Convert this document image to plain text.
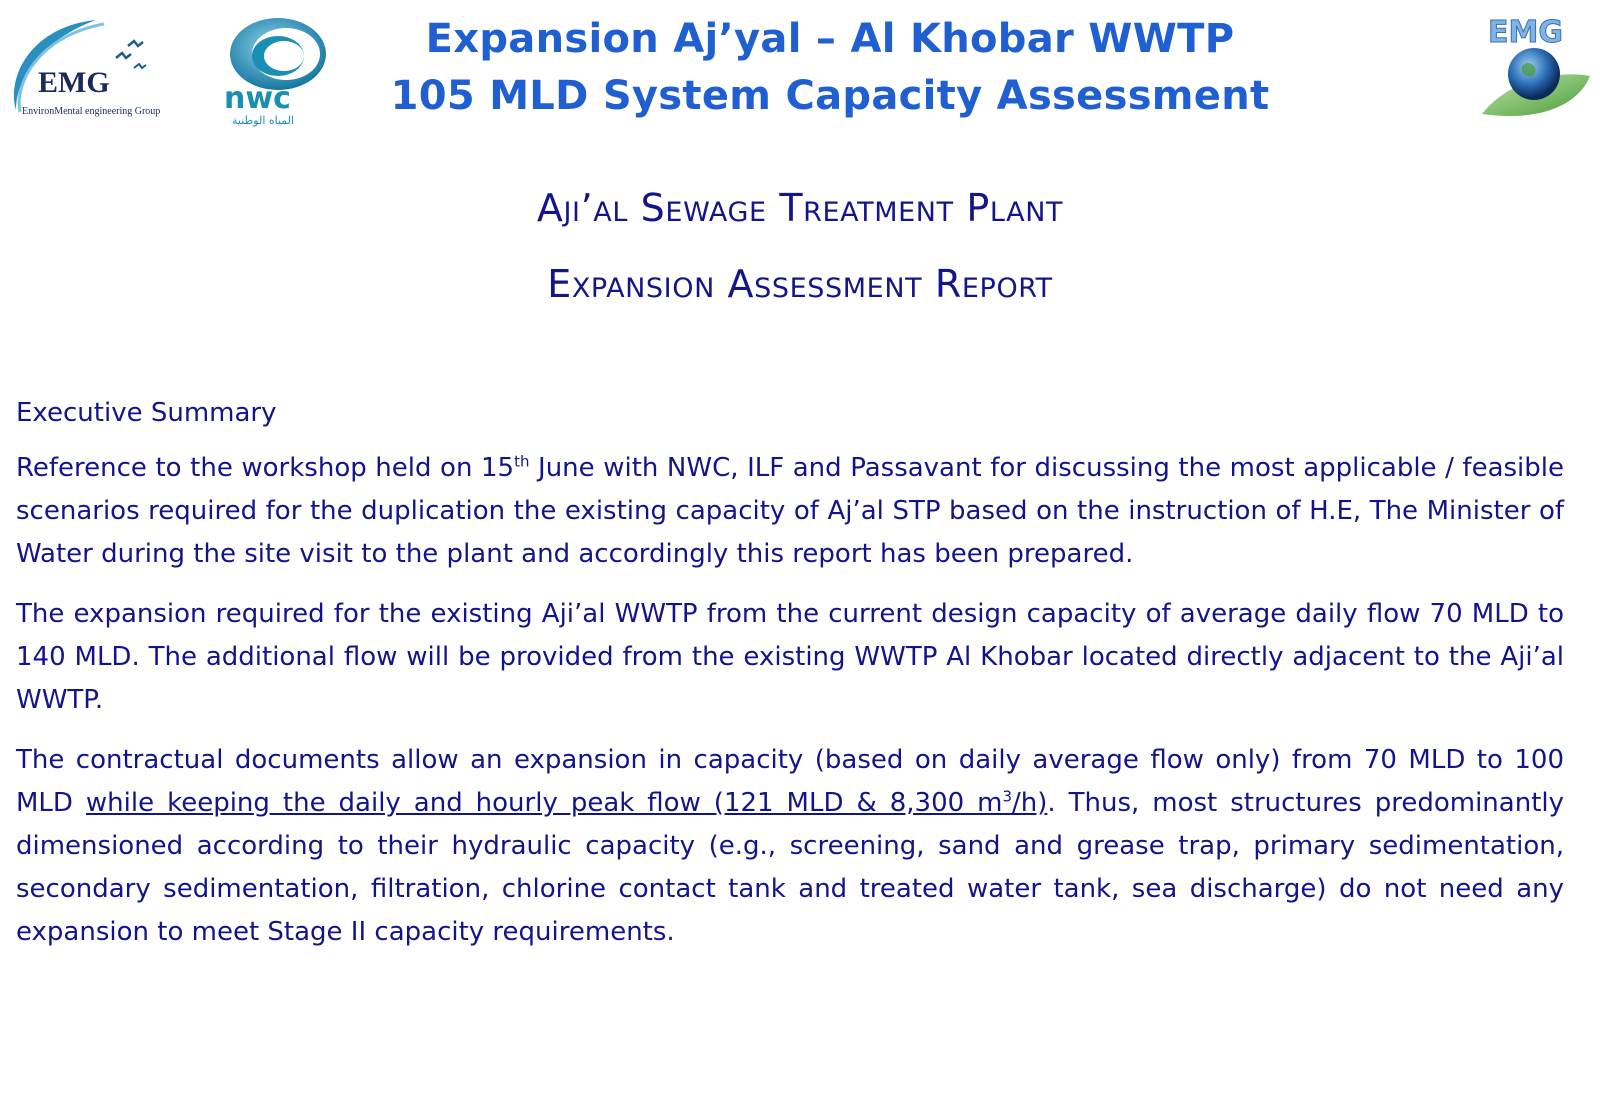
EMG
EnvironMental engineering Group nwc
المياه الوطنية
EMG
Expansion Aj’yal – Al Khobar WWTP
105 MLD System Capacity Assessment
Aji’al Sewage Treatment Plant
Expansion Assessment Report
Executive Summary

Reference to the workshop held on 15th June with NWC, ILF and Passavant for discussing the most applicable / feasible scenarios required for the duplication the existing capacity of Aj’al STP based on the instruction of H.E, The Minister of Water during the site visit to the plant and accordingly this report has been prepared.

The expansion required for the existing Aji’al WWTP from the current design capacity of average daily flow 70 MLD to 140 MLD. The additional flow will be provided from the existing WWTP Al Khobar located directly adjacent to the Aji’al WWTP.

The contractual documents allow an expansion in capacity (based on daily average flow only) from 70 MLD to 100 MLD while keeping the daily and hourly peak flow (121 MLD & 8,300 $m^3/h$). Thus, most structures predominantly dimensioned according to their hydraulic capacity (e.g., screening, sand and grease trap, primary sedimentation, secondary sedimentation, filtration, chlorine contact tank and treated water tank, sea discharge) do not need any expansion to meet Stage II capacity requirements.
